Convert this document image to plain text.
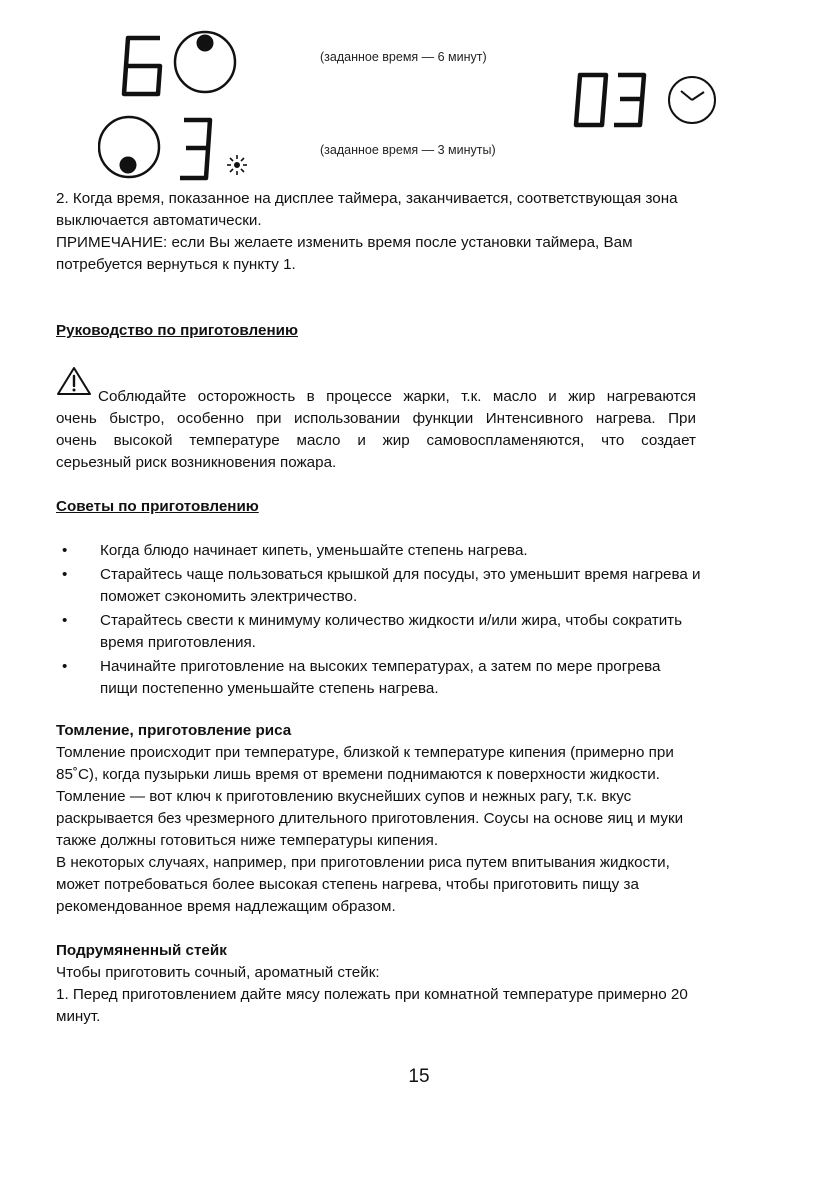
(заданное время — 6 минут)
(заданное время — 3 минуты)
2. Когда время, показанное на дисплее таймера, заканчивается, соответствующая зона
выключается автоматически.
ПРИМЕЧАНИЕ: если Вы желаете изменить время после установки таймера, Вам
потребуется вернуться к пункту 1.
Руководство по приготовлению
Соблюдайте осторожность в процессе жарки, т.к. масло и жир нагреваются
очень быстро, особенно при использовании функции Интенсивного нагрева. При
очень высокой температуре масло и жир самовоспламеняются, что создает
серьезный риск возникновения пожара.
Советы по приготовлению
• Когда блюдо начинает кипеть, уменьшайте степень нагрева.
• Старайтесь чаще пользоваться крышкой для посуды, это уменьшит время нагрева и
поможет сэкономить электричество.
• Старайтесь свести к минимуму количество жидкости и/или жира, чтобы сократить
время приготовления.
• Начинайте приготовление на высоких температурах, а затем по мере прогрева
пищи постепенно уменьшайте степень нагрева.
Томление, приготовление риса
Томление происходит при температуре, близкой к температуре кипения (примерно при
85˚С), когда пузырьки лишь время от времени поднимаются к поверхности жидкости.
Томление — вот ключ к приготовлению вкуснейших супов и нежных рагу, т.к. вкус
раскрывается без чрезмерного длительного приготовления. Соусы на основе яиц и муки
также должны готовиться ниже температуры кипения.
В некоторых случаях, например, при приготовлении риса путем впитывания жидкости,
может потребоваться более высокая степень нагрева, чтобы приготовить пищу за
рекомендованное время надлежащим образом.
Подрумяненный стейк
Чтобы приготовить сочный, ароматный стейк:
1. Перед приготовлением дайте мясу полежать при комнатной температуре примерно 20
минут.
15
